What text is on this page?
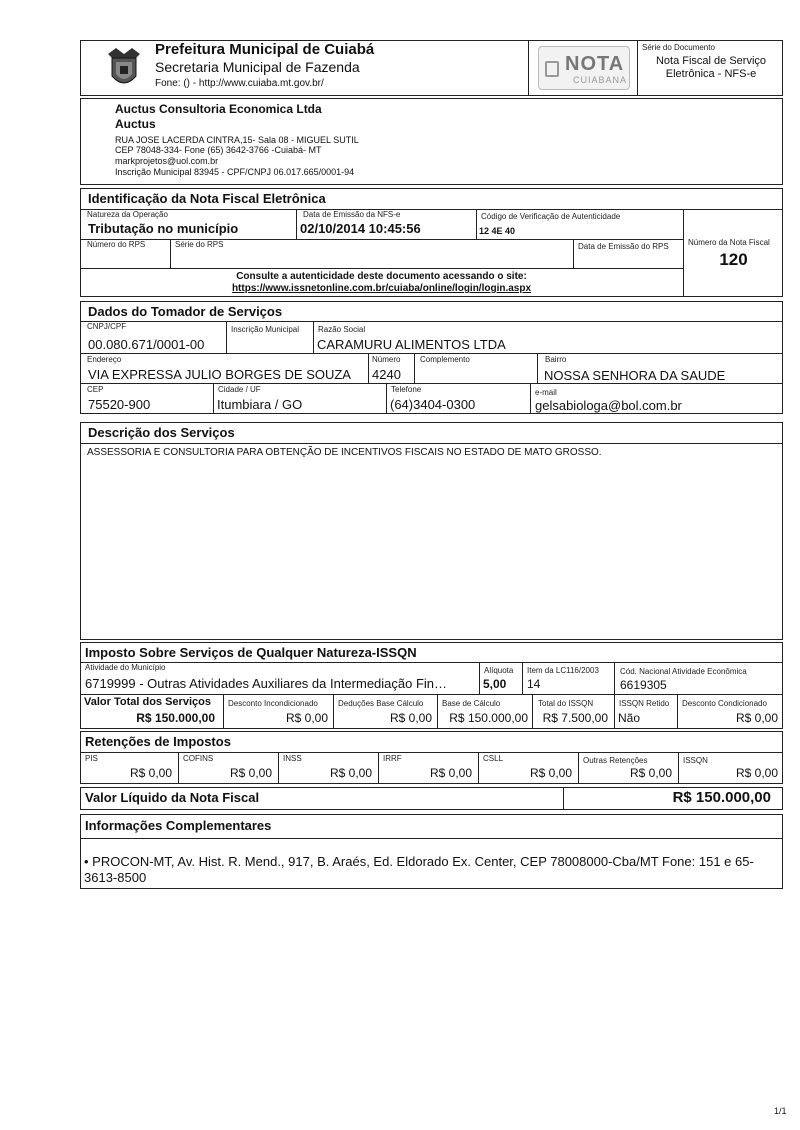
Prefeitura Municipal de Cuiabá
Secretaria Municipal de Fazenda
Fone: () - http://www.cuiaba.mt.gov.br/
NOTA
CUIABANA
Série do Documento
Nota Fiscal de Serviço
Eletrônica - NFS-e
Auctus Consultoria Economica Ltda
Auctus
RUA JOSE LACERDA CINTRA,15- Sala 08 - MIGUEL SUTIL
CEP 78048-334- Fone (65) 3642-3766 -Cuiabá- MT
markprojetos@uol.com.br
Inscrição Municipal 83945 - CPF/CNPJ 06.017.665/0001-94
Identificação da Nota Fiscal Eletrônica
Natureza da Operação
Tributação no município
Data de Emissão da NFS-e
02/10/2014 10:45:56
Código de Verificação de Autenticidade
12 4E 40
Número da Nota Fiscal
120
Número do RPS	Série do RPS	Data de Emissão do RPS
Consulte a autenticidade deste documento acessando o site:
https://www.issnetonline.com.br/cuiaba/online/login/login.aspx
Dados do Tomador de Serviços
CNPJ/CPF
00.080.671/0001-00
Inscrição Municipal Razão Social
CARAMURU ALIMENTOS LTDA
Endereço
VIA EXPRESSA JULIO BORGES DE SOUZA
Número
4240
Complemento	Bairro
NOSSA SENHORA DA SAUDE
CEP
75520-900
Cidade / UF
Itumbiara / GO
Telefone
(64)3404-0300
e-mail
gelsabiologa@bol.com.br
Descrição dos Serviços
ASSESSORIA E CONSULTORIA PARA OBTENÇÃO DE INCENTIVOS FISCAIS NO ESTADO DE MATO GROSSO.
Imposto Sobre Serviços de Qualquer Natureza-ISSQN
Atividade do Município
6719999 - Outras Atividades Auxiliares da Intermediação Fin…
Alíquota
5,00
Item da LC116/2003
14
Cód. Nacional Atividade Econômica
6619305
Valor Total dos Serviços
R$ 150.000,00
Desconto Incondicionado
R$ 0,00
Deduções Base Cálculo
R$ 0,00
Base de Cálculo
R$ 150.000,00
Total do ISSQN
R$ 7.500,00
ISSQN Retido
Não
Desconto Condicionado
R$ 0,00
Retenções de Impostos
PIS
R$ 0,00
COFINS
R$ 0,00
INSS
R$ 0,00
IRRF
R$ 0,00
CSLL
R$ 0,00
Outras Retenções
R$ 0,00
ISSQN
R$ 0,00
Valor Líquido da Nota Fiscal	R$ 150.000,00
Informações Complementares
• PROCON-MT, Av. Hist. R. Mend., 917, B. Araés, Ed. Eldorado Ex. Center, CEP 78008000-Cba/MT Fone: 151 e 65-3613-8500
1/1
